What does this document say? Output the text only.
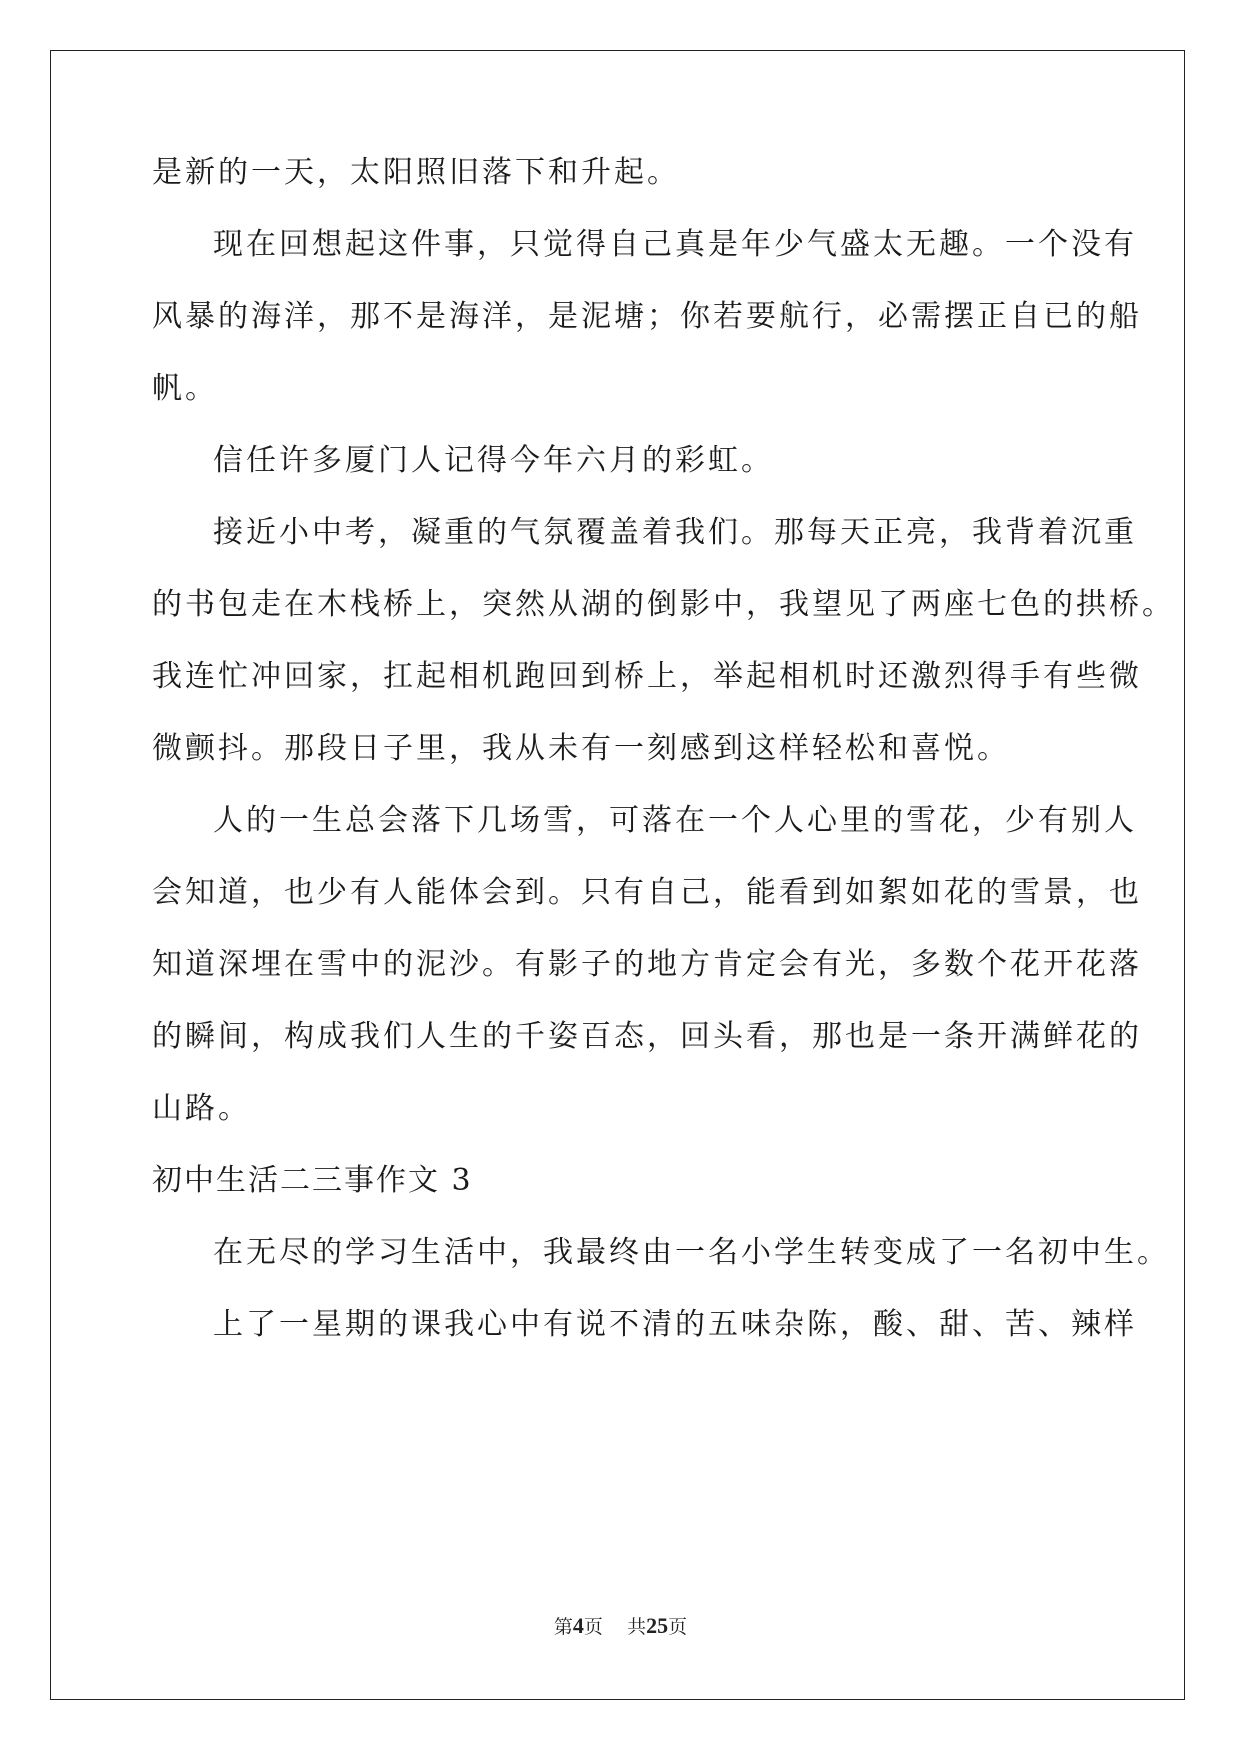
是新的一天，太阳照旧落下和升起。
现在回想起这件事，只觉得自己真是年少气盛太无趣。一个没有
风暴的海洋，那不是海洋，是泥塘；你若要航行，必需摆正自已的船
帆。
信任许多厦门人记得今年六月的彩虹。
接近小中考，凝重的气氛覆盖着我们。那每天正亮，我背着沉重
的书包走在木栈桥上，突然从湖的倒影中，我望见了两座七色的拱桥。
我连忙冲回家，扛起相机跑回到桥上，举起相机时还激烈得手有些微
微颤抖。那段日子里，我从未有一刻感到这样轻松和喜悦。
人的一生总会落下几场雪，可落在一个人心里的雪花，少有别人
会知道，也少有人能体会到。只有自己，能看到如絮如花的雪景，也
知道深埋在雪中的泥沙。有影子的地方肯定会有光，多数个花开花落
的瞬间，构成我们人生的千姿百态，回头看，那也是一条开满鲜花的
山路。
初中生活二三事作文 3
在无尽的学习生活中，我最终由一名小学生转变成了一名初中生。
上了一星期的课我心中有说不清的五味杂陈，酸、甜、苦、辣样
第4页 共25页
